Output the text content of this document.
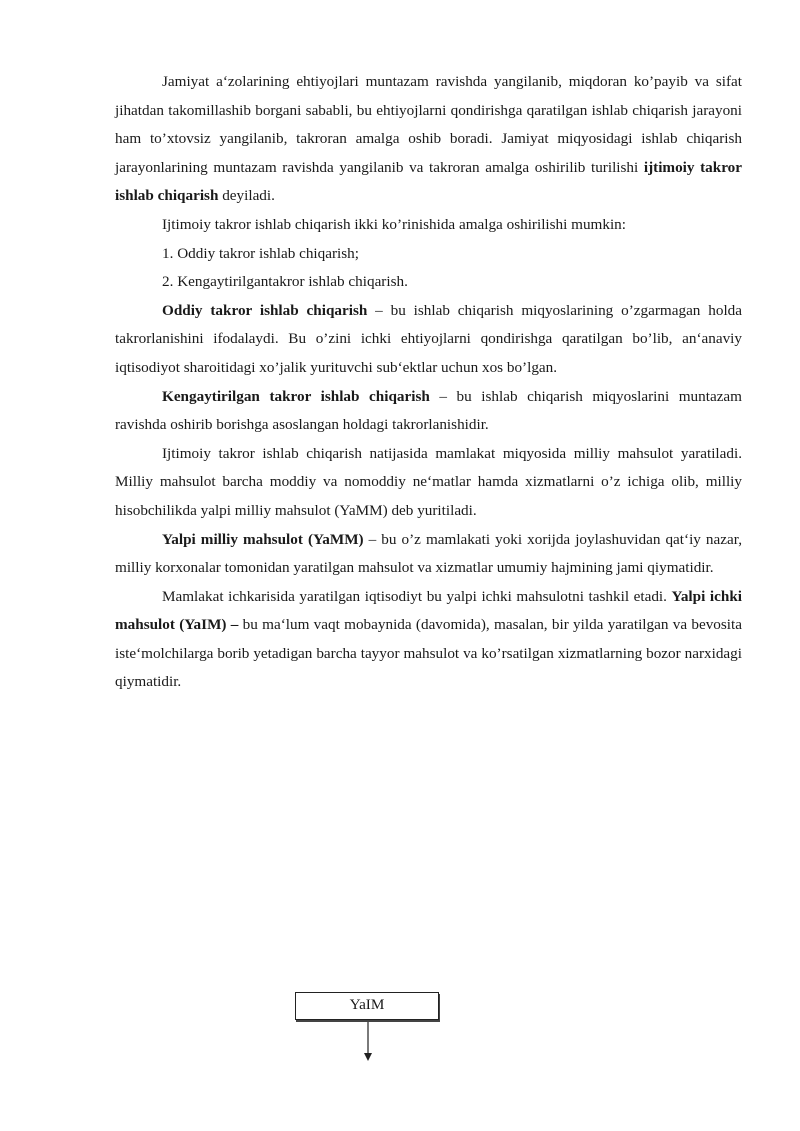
Jamiyat a‘zolarining ehtiyojlari muntazam ravishda yangilanib, miqdoran ko’payib va sifat jihatdan takomillashib borgani sababli, bu ehtiyojlarni qondirishga qaratilgan ishlab chiqarish jarayoni ham to’xtovsiz yangilanib, takroran amalga oshib boradi. Jamiyat miqyosidagi ishlab chiqarish jarayonlarining muntazam ravishda yangilanib va takroran amalga oshirilib turilishi ijtimoiy takror ishlab chiqarish deyiladi.

Ijtimoiy takror ishlab chiqarish ikki ko’rinishida amalga oshirilishi mumkin:

1. Oddiy takror ishlab chiqarish;

2. Kengaytirilgantakror ishlab chiqarish.

Oddiy takror ishlab chiqarish – bu ishlab chiqarish miqyoslarining o’zgarmagan holda takrorlanishini ifodalaydi. Bu o’zini ichki ehtiyojlarni qondirishga qaratilgan bo’lib, an‘anaviy iqtisodiyot sharoitidagi xo’jalik yurituvchi sub‘ektlar uchun xos bo’lgan.

Kengaytirilgan takror ishlab chiqarish – bu ishlab chiqarish miqyoslarini muntazam ravishda oshirib borishga asoslangan holdagi takrorlanishidir.

Ijtimoiy takror ishlab chiqarish natijasida mamlakat miqyosida milliy mahsulot yaratiladi. Milliy mahsulot barcha moddiy va nomoddiy ne‘matlar hamda xizmatlarni o’z ichiga olib, milliy hisobchilikda yalpi milliy mahsulot (YaMM) deb yuritiladi.

Yalpi milliy mahsulot (YaMM) – bu o’z mamlakati yoki xorijda joylashuvidan qat‘iy nazar, milliy korxonalar tomonidan yaratilgan mahsulot va xizmatlar umumiy hajmining jami qiymatidir.

Mamlakat ichkarisida yaratilgan iqtisodiyt bu yalpi ichki mahsulotni tashkil etadi. Yalpi ichki mahsulot (YaIM) – bu ma‘lum vaqt mobaynida (davomida), masalan, bir yilda yaratilgan va bevosita iste‘molchilarga borib yetadigan barcha tayyor mahsulot va ko’rsatilgan xizmatlarning bozor narxidagi qiymatidir.

YaIM
